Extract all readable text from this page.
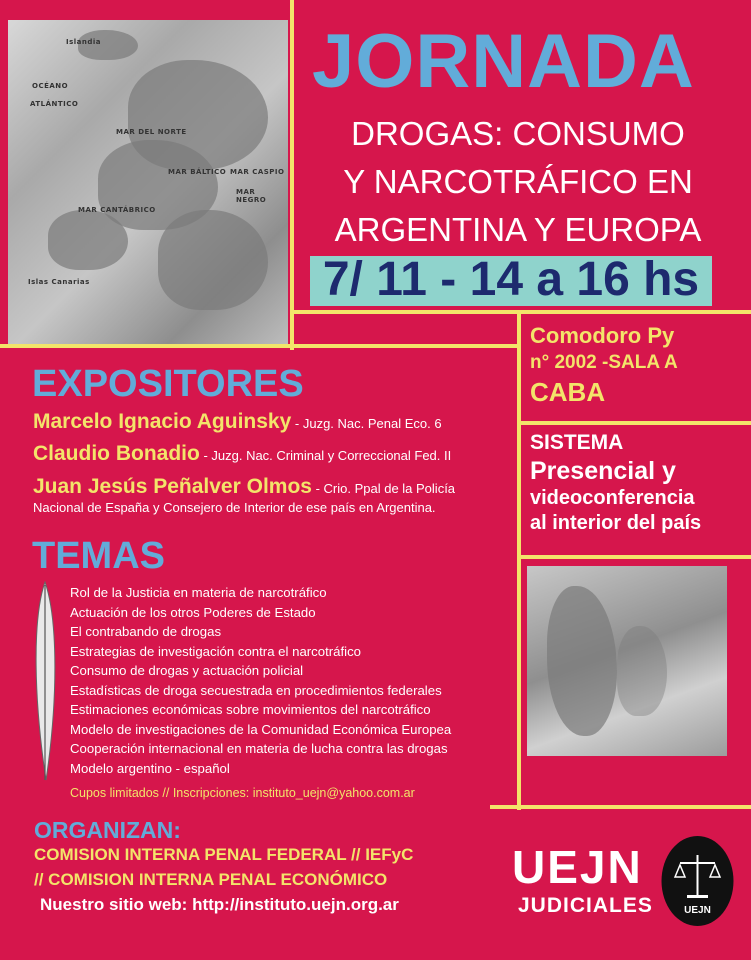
Islandia
OCÉANO
ATLÁNTICO
MAR CANTÁBRICO
MAR DEL NORTE
MAR BÁLTICO MAR CASPIO
MAR NEGRO
Islas Canarias
JORNADA
DROGAS: CONSUMO
Y NARCOTRÁFICO EN
ARGENTINA Y EUROPA
7/ 11 - 14 a 16 hs
Comodoro Py
n° 2002 -SALA A
CABA
SISTEMA
Presencial y
videoconferencia
al interior del país
EXPOSITORES
Marcelo Ignacio Aguinsky - Juzg. Nac. Penal Eco. 6
Claudio Bonadio - Juzg. Nac. Criminal y Correccional Fed. II
Juan Jesús Peñalver Olmos - Crio. Ppal de la Policía
Nacional de España y Consejero de Interior de ese país en Argentina.
TEMAS
Rol de la Justicia en materia de narcotráfico
Actuación de los otros Poderes de Estado
El contrabando de drogas
Estrategias de investigación contra el narcotráfico
Consumo de drogas y actuación policial
Estadísticas de droga secuestrada en procedimientos federales
Estimaciones económicas sobre movimientos del narcotráfico
Modelo de investigaciones de la Comunidad Económica Europea
Cooperación internacional en materia de lucha contra las drogas
Modelo argentino - español
Cupos limitados // Inscripciones: instituto_uejn@yahoo.com.ar
ORGANIZAN:
COMISION INTERNA PENAL FEDERAL // IEFyC
// COMISION INTERNA PENAL ECONÓMICO
Nuestro sitio web: http://instituto.uejn.org.ar
UEJN
JUDICIALES	UEJN
